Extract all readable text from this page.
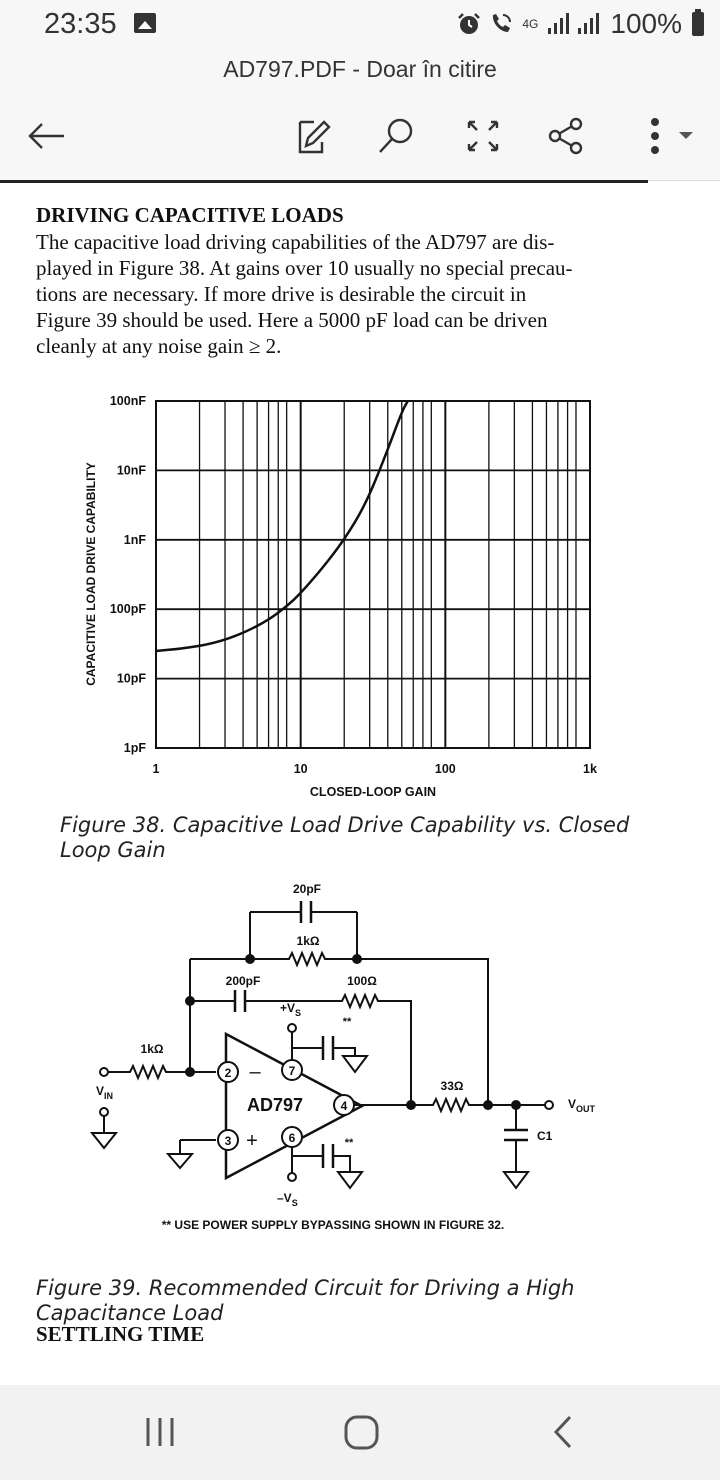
23:35	4G	100%
AD797.PDF - Doar în citire
DRIVING CAPACITIVE LOADS
The capacitive load driving capabilities of the AD797 are dis-
played in Figure 38. At gains over 10 usually no special precau-
tions are necessary. If more drive is desirable the circuit in
Figure 39 should be used. Here a 5000 pF load can be driven
cleanly at any noise gain ≥ 2.
1pF
10pF
100pF
1nF
10nF
100nF
1	10	100	1k
CLOSED-LOOP GAIN
CAPACITIVE LOAD DRIVE CAPABILITY
Figure 38. Capacitive Load Drive Capability vs. Closed
Loop Gain
20pF
1kΩ
200pF	100Ω
1kΩ
$V_{IN}$	AD797
2 –
3 +
7
$+V_S$
**
6
$-V_S$
**
4
33Ω
$V_{OUT}$
C1
** USE POWER SUPPLY BYPASSING SHOWN IN FIGURE 32.
Figure 39. Recommended Circuit for Driving a High
Capacitance Load
SETTLING TIME
